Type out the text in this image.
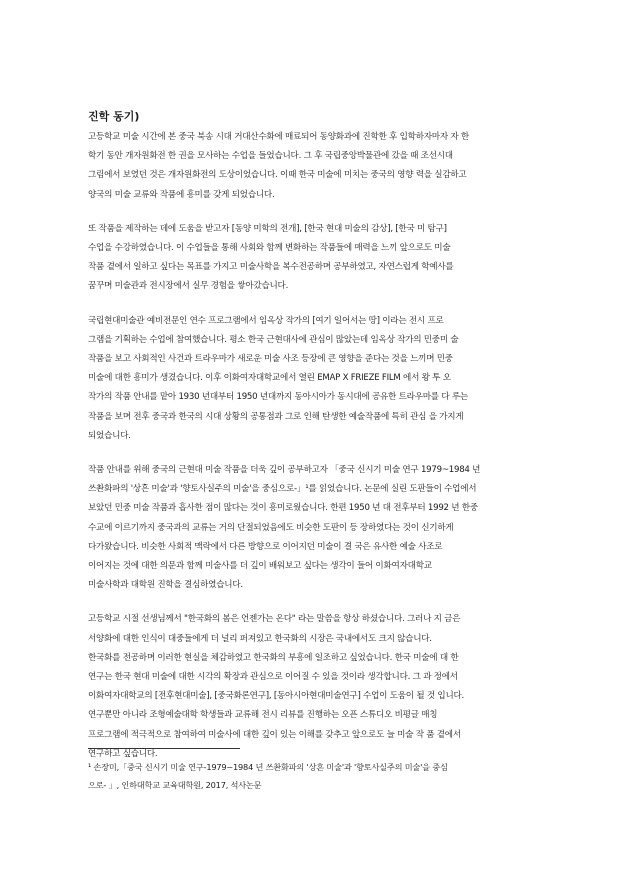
진학 동기)

고등학교 미술 시간에 본 중국 북송 시대 거대산수화에 매료되어 동양화과에 진학한 후 입학하자마자 자 한
학기 동안 개자원화전 한 권을 모사하는 수업을 들었습니다. 그 후 국립중앙박물관에 갔을 때 조선시대
그림에서 보였던 것은 개자원화전의 도상이었습니다. 이때 한국 미술에 미치는 중국의 영향 력을 실감하고
양국의 미술 교류와 작품에 흥미를 갖게 되었습니다.

또 작품을 제작하는 데에 도움을 받고자 [동양 미학의 전개], [한국 현대 미술의 감상], [한국 미 탐구]
수업을 수강하였습니다. 이 수업들을 통해 사회와 함께 변화하는 작품들에 매력을 느끼 앞으로도 미술
작품 곁에서 일하고 싶다는 목표를 가지고 미술사학을 복수전공하며 공부하였고, 자연스럽게 학예사를
꿈꾸며 미술관과 전시장에서 실무 경험을 쌓아갔습니다.

국립현대미술관 예비전문인 연수 프로그램에서 임옥상 작가의 [여기 일어서는 땅] 이라는 전시 프로
그램을 기획하는 수업에 참여했습니다. 평소 한국 근현대사에 관심이 많았는데 임옥상 작가의 민중미 술
작품을 보고 사회적인 사건과 트라우마가 새로운 미술 사조 등장에 큰 영향을 준다는 것을 느끼며 민중
미술에 대한 흥미가 생겼습니다. 이후 이화여자대학교에서 열린 EMAP X FRIEZE FILM 에서 왕 투 오
작가의 작품 안내를 맡아 1930 년대부터 1950 년대까지 동아시아가 동시대에 공유한 트라우마를 다 루는
작품을 보며 전후 중국과 한국의 시대 상황의 공통점과 그로 인해 탄생한 예술작품에 특히 관심 을 가지게
되었습니다.

작품 안내를 위해 중국의 근현대 미술 작품을 더욱 깊이 공부하고자 「중국 신시기 미술 연구 1979~1984 년
쓰촨화파의 '상흔 미술'과 '향토사실주의 미술'을 중심으로-」¹를 읽었습니다. 논문에 실린 도판들이 수업에서
보았던 민중 미술 작품과 흡사한 점이 많다는 것이 흥미로웠습니다. 한편 1950 년 대 전후부터 1992 년 한중
수교에 이르기까지 중국과의 교류는 거의 단절되었음에도 비슷한 도판이 등 장하였다는 것이 신기하게
다가왔습니다. 비슷한 사회적 맥락에서 다른 방향으로 이어지던 미술이 결 국은 유사한 예술 사조로
이어지는 것에 대한 의문과 함께 미술사를 더 깊이 배워보고 싶다는 생각이 들어 이화여자대학교
미술사학과 대학원 진학을 결심하였습니다.

고등학교 시절 선생님께서 "한국화의 봄은 언젠가는 온다" 라는 말씀을 항상 하셨습니다. 그러나 지 금은
서양화에 대한 인식이 대중들에게 더 널리 퍼져있고 한국화의 시장은 국내에서도 크지 않습니다.
한국화를 전공하며 이러한 현실을 체감하였고 한국화의 부흥에 일조하고 싶었습니다. 한국 미술에 대 한
연구는 한국 현대 미술에 대한 시각의 확장과 관심으로 이어질 수 있을 것이라 생각합니다. 그 과 정에서
이화여자대학교의 [전후현대미술], [중국화론연구], [동아시아현대미술연구] 수업이 도움이 될 것 입니다.
연구뿐만 아니라 조형예술대학 학생들과 교류해 전시 리뷰를 진행하는 오픈 스튜디오 비평글 매칭
프로그램에 적극적으로 참여하여 미술사에 대한 깊이 있는 이해를 갖추고 앞으로도 늘 미술 작 품 곁에서
연구하고 싶습니다.

¹ 손장미,「중국 신시기 미술 연구-1979~1984 년 쓰촨화파의 '상흔 미술'과 '향토사실주의 미술'을 중심
으로- 」, 인하대학교 교육대학원, 2017, 석사논문
